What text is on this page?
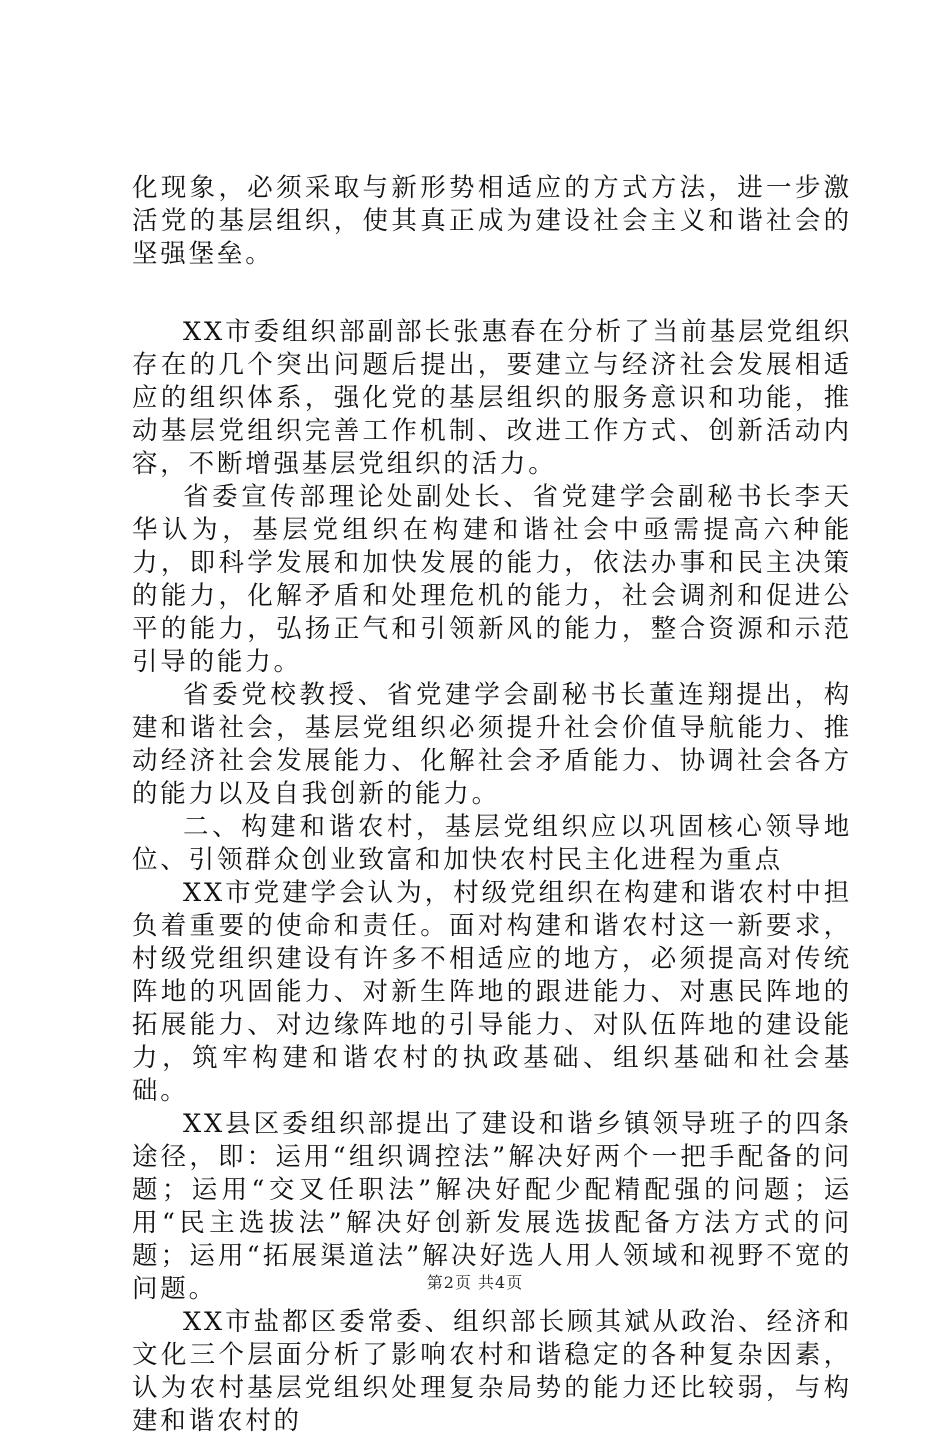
化现象，必须采取与新形势相适应的方式方法，进一步激活党的基层组织，使其真正成为建设社会主义和谐社会的坚强堡垒。

XX市委组织部副部长张惠春在分析了当前基层党组织存在的几个突出问题后提出，要建立与经济社会发展相适应的组织体系，强化党的基层组织的服务意识和功能，推动基层党组织完善工作机制、改进工作方式、创新活动内容，不断增强基层党组织的活力。

省委宣传部理论处副处长、省党建学会副秘书长李天华认为，基层党组织在构建和谐社会中亟需提高六种能力，即科学发展和加快发展的能力，依法办事和民主决策的能力，化解矛盾和处理危机的能力，社会调剂和促进公平的能力，弘扬正气和引领新风的能力，整合资源和示范引导的能力。

省委党校教授、省党建学会副秘书长董连翔提出，构建和谐社会，基层党组织必须提升社会价值导航能力、推动经济社会发展能力、化解社会矛盾能力、协调社会各方的能力以及自我创新的能力。

二、构建和谐农村，基层党组织应以巩固核心领导地位、引领群众创业致富和加快农村民主化进程为重点

XX市党建学会认为，村级党组织在构建和谐农村中担负着重要的使命和责任。面对构建和谐农村这一新要求，村级党组织建设有许多不相适应的地方，必须提高对传统阵地的巩固能力、对新生阵地的跟进能力、对惠民阵地的拓展能力、对边缘阵地的引导能力、对队伍阵地的建设能力，筑牢构建和谐农村的执政基础、组织基础和社会基础。

XX县区委组织部提出了建设和谐乡镇领导班子的四条途径，即：运用“组织调控法”解决好两个一把手配备的问题；运用“交叉任职法”解决好配少配精配强的问题；运用“民主选拔法”解决好创新发展选拔配备方法方式的问题；运用“拓展渠道法”解决好选人用人领域和视野不宽的问题。

XX市盐都区委常委、组织部长顾其斌从政治、经济和文化三个层面分析了影响农村和谐稳定的各种复杂因素，认为农村基层党组织处理复杂局势的能力还比较弱，与构建和谐农村的

第2页 共4页
